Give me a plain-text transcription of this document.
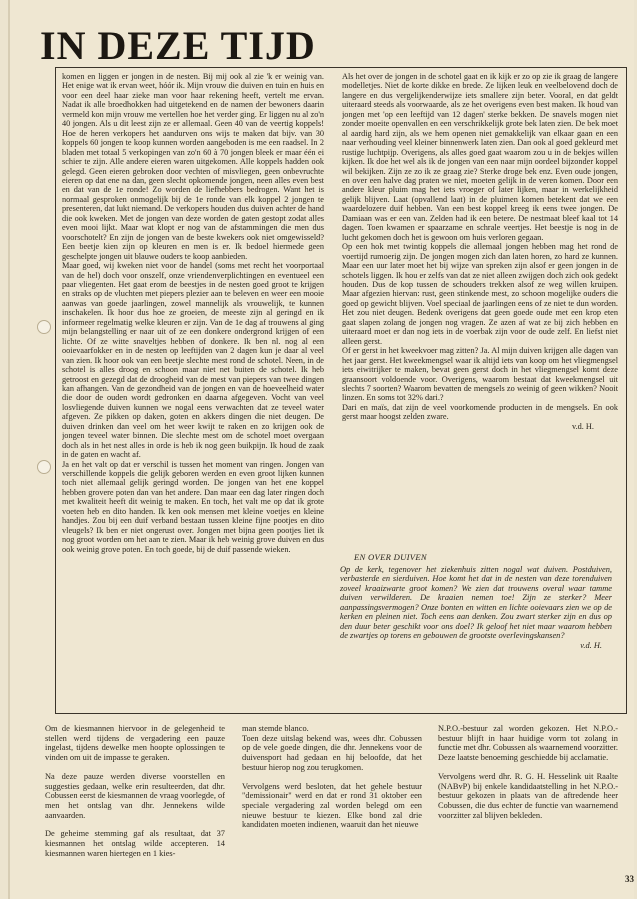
IN DEZE TIJD

komen en liggen er jongen in de nesten. Bij mij ook al zie 'k er weinig van. Het enige wat ik ervan weet, hóór ik. Mijn vrouw die duiven en tuin en huis en voor een deel haar zieke man voor haar rekening heeft, vertelt me ervan. Nadat ik alle broedhokken had uitgetekend en de namen der bewoners daarin vermeld kon mijn vrouw me vertellen hoe het verder ging. Er liggen nu al zo'n 40 jongen. Als u dit leest zijn ze er allemaal. Geen 40 van de veertig koppels! Hoe de heren verkopers het aandurven ons wijs te maken dat bijv. van 30 koppels 60 jongen te koop kunnen worden aangeboden is me een raadsel. In 2 bladen met totaal 5 verkopingen van zo'n 60 à 70 jongen bleek er maar één ei schier te zijn. Alle andere eieren waren uitgekomen. Alle koppels hadden ook gelegd. Geen eieren gebroken door vechten of misvliegen, geen onbevruchte eieren op dat ene na dan, geen slecht opkomende jongen, neen alles even best en dat van de 1e ronde! Zo worden de liefhebbers bedrogen. Want het is normaal gesproken onmogelijk bij de 1e ronde van elk koppel 2 jongen te presenteren, dat lukt niemand. De verkopers houden dus duiven achter de hand die ook kweken. Met de jongen van deze worden de gaten gestopt zodat alles even mooi lijkt. Maar wat klopt er nog van de afstammingen die men dus voorschotelt? En zijn de jongen van de beste kwekers ook niet omgewisseld? Een beetje kien zijn op kleuren en men is er. Ik bedoel hiermede geen geschelpte jongen uit blauwe ouders te koop aanbieden.

Maar goed, wij kweken niet voor de handel (soms met recht het voorportaal van de hel) doch voor onszelf, onze vriendenverplichtingen en eventueel een paar vliegenten. Het gaat erom de beestjes in de nesten goed groot te krijgen en straks op de vluchten met piepers plezier aan te beleven en weer een mooie aanwas van goede jaarlingen, zowel mannelijk als vrouwelijk, te kunnen inschakelen. Ik hoor dus hoe ze groeien, de meeste zijn al geringd en ik informeer regelmatig welke kleuren er zijn. Van de 1e dag af trouwens al ging mijn belangstelling er naar uit of ze een donkere ondergrond krijgen of een lichte. Of ze witte snaveltjes hebben of donkere. Ik ben nl. nog al een ooievaarfokker en in de nesten op leeftijden van 2 dagen kun je daar al veel van zien. Ik hoor ook van een beetje slechte mest rond de schotel. Neen, in de schotel is alles droog en schoon maar niet net buiten de schotel. Ik heb getroost en gezegd dat de droogheid van de mest van piepers van twee dingen kan afhangen. Van de gezondheid van de jongen en van de hoeveelheid water die door de ouden wordt gedronken en daarna afgegeven. Vocht van veel losvliegende duiven kunnen we nogal eens verwachten dat ze teveel water afgeven. Ze pikken op daken, goten en akkers dingen die niet deugen. De duiven drinken dan veel om het weer kwijt te raken en zo krijgen ook de jongen teveel water binnen. Die slechte mest om de schotel moet overgaan doch als in het nest alles in orde is heb ik nog geen buikpijn. Ik houd de zaak in de gaten en wacht af.

Ja en het valt op dat er verschil is tussen het moment van ringen. Jongen van verschillende koppels die gelijk geboren werden en even groot lijken kunnen toch niet allemaal gelijk geringd worden. De jongen van het ene koppel hebben grovere poten dan van het andere. Dan maar een dag later ringen doch met kwaliteit heeft dit weinig te maken. En toch, het valt me op dat ik grote voeten heb en dito handen. Ik ken ook mensen met kleine voetjes en kleine handjes. Zou bij een duif verband bestaan tussen kleine fijne pootjes en dito vleugels? Ik ben er niet ongerust over. Jongen met bijna geen pootjes liet ik nog groot worden om het aan te zien. Maar ik heb weinig grove duiven en dus ook weinig grove poten. En toch goede, bij de duif passende wieken.

Als het over de jongen in de schotel gaat en ik kijk er zo op zie ik graag de langere modelletjes. Niet de korte dikke en brede. Ze lijken leuk en veelbelovend doch de langere en dus vergelijkenderwijze iets smallere zijn beter. Vooral, en dat geldt uiteraard steeds als voorwaarde, als ze het overigens even best maken. Ik houd van jongen met 'op een leeftijd van 12 dagen' sterke bekken. De snavels mogen niet zonder moeite openvallen en een verschrikkelijk grote bek laten zien. De bek moet al aardig hard zijn, als we hem openen niet gemakkelijk van elkaar gaan en een naar verhouding veel kleiner binnenwerk laten zien. Dan ook al goed gekleurd met rustige luchtpijp. Overigens, als alles goed gaat waarom zou u in de bekjes willen kijken. Ik doe het wel als ik de jongen van een naar mijn oordeel bijzonder koppel wil bekijken. Zijn ze zo ik ze graag zie? Sterke droge bek enz. Even oude jongen, en over een halve dag praten we niet, moeten gelijk in de veren komen. Door een andere kleur pluim mag het iets vroeger of later lijken, maar in werkelijkheid gelijk blijven. Laat (opvallend laat) in de pluimen komen betekent dat we een waardelozere duif hebben. Van een best koppel kreeg ik eens twee jongen. De Damiaan was er een van. Zelden had ik een betere. De nestmaat bleef kaal tot 14 dagen. Toen kwamen er spaarzame en schrale veertjes. Het beestje is nog in de lucht gekomen doch het is gewoon om huis verloren gegaan.

Op een hok met twintig koppels die allemaal jongen hebben mag het rond de voertijd rumoerig zijn. De jongen mogen zich dan laten horen, zo hard ze kunnen. Maar een uur later moet het bij wijze van spreken zijn alsof er geen jongen in de schotels liggen. Ik hou er zelfs van dat ze niet alleen zwijgen doch zich ook gedekt houden. Dus de kop tussen de schouders trekken alsof ze weg willen kruipen. Maar afgezien hiervan: rust, geen stinkende mest, zo schoon mogelijke ouders die goed op gewicht blijven. Voel speciaal de jaarlingen eens of ze niet te dun worden. Het zou niet deugen. Bedenk overigens dat geen goede oude met een krop eten gaat slapen zolang de jongen nog vragen. Ze azen af wat ze bij zich hebben en uiteraard moet er dan nog iets in de voerbak zijn voor de oude zelf. En liefst niet alleen gerst.

Of er gerst in het kweekvoer mag zitten? Ja. Al mijn duiven krijgen alle dagen van het jaar gerst. Het kweekmengsel waar ik altijd iets van koop om het vliegmengsel iets eiwitrijker te maken, bevat geen gerst doch in het vliegmengsel komt deze graansoort voldoende voor. Overigens, waarom bestaat dat kweekmengsel uit slechts 7 soorten? Waarom bevatten de mengsels zo weinig of geen wikken? Nooit linzen. En soms tot 32% dari.?

Dari en maïs, dat zijn de veel voorkomende producten in de mengsels. En ook gerst maar hoogst zelden zware.

v.d. H.

EN OVER DUIVEN

Op de kerk, tegenover het ziekenhuis zitten nogal wat duiven. Postduiven, verbasterde en sierduiven. Hoe komt het dat in de nesten van deze torenduiven zovеel kraaizwarte groot komen? We zien dat trouwens overal waar tamme duiven verwilderen. De kraaien nemen toe! Zijn ze sterker? Meer aanpassingsvermogen? Onze bonten en witten en lichte ooievaars zien we op de kerken en pleinen niet. Toch eens aan denken. Zou zwart sterker zijn en dus op den duur beter geschikt voor ons doel? Ik geloof het niet maar waarom hebben de zwartjes op torens en gebouwen de grootste overlevingskansen?

v.d. H.

Om de kiesmannen hiervoor in de gelegenheid te stellen werd tijdens de vergadering een pauze ingelast, tijdens dewelke men hoopte oplossingen te vinden om uit de impasse te geraken.

Na deze pauze werden diverse voorstellen en suggesties gedaan, welke erin resulteerden, dat dhr. Cobussen eerst de kiesmannen de vraag voorlegde, of men het ontslag van dhr. Jennekens wilde aanvaarden.

De geheime stemming gaf als resultaat, dat 37 kiesmannen het ontslag wilde accepteren. 14 kiesmannen waren hiertegen en 1 kies-

man stemde blanco.

Toen deze uitslag bekend was, wees dhr. Cobussen op de vele goede dingen, die dhr. Jennekens voor de duivensport had gedaan en hij beloofde, dat het bestuur hierop nog zou terugkomen.

Vervolgens werd besloten, dat het gehele bestuur "demissionair" werd en dat er rond 31 oktober een speciale vergadering zal worden belegd om een nieuwe bestuur te kiezen. Elke bond zal drie kandidaten moeten indienen, waaruit dan het nieuwe

N.P.O.-bestuur zal worden gekozen. Het N.P.O.-bestuur blijft in haar huidige vorm tot zolang in functie met dhr. Cobussen als waarnemend voorzitter. Deze laatste benoeming geschiedde bij acclamatie.

Vervolgens werd dhr. R. G. H. Hesselink uit Raalte (NABvP) bij enkele kandidaatstelling in het N.P.O.-bestuur gekozen in plaats van de aftredende heer Cobussen, die dus echter de functie van waarnemend voorzitter zal blijven bekleden.

33
